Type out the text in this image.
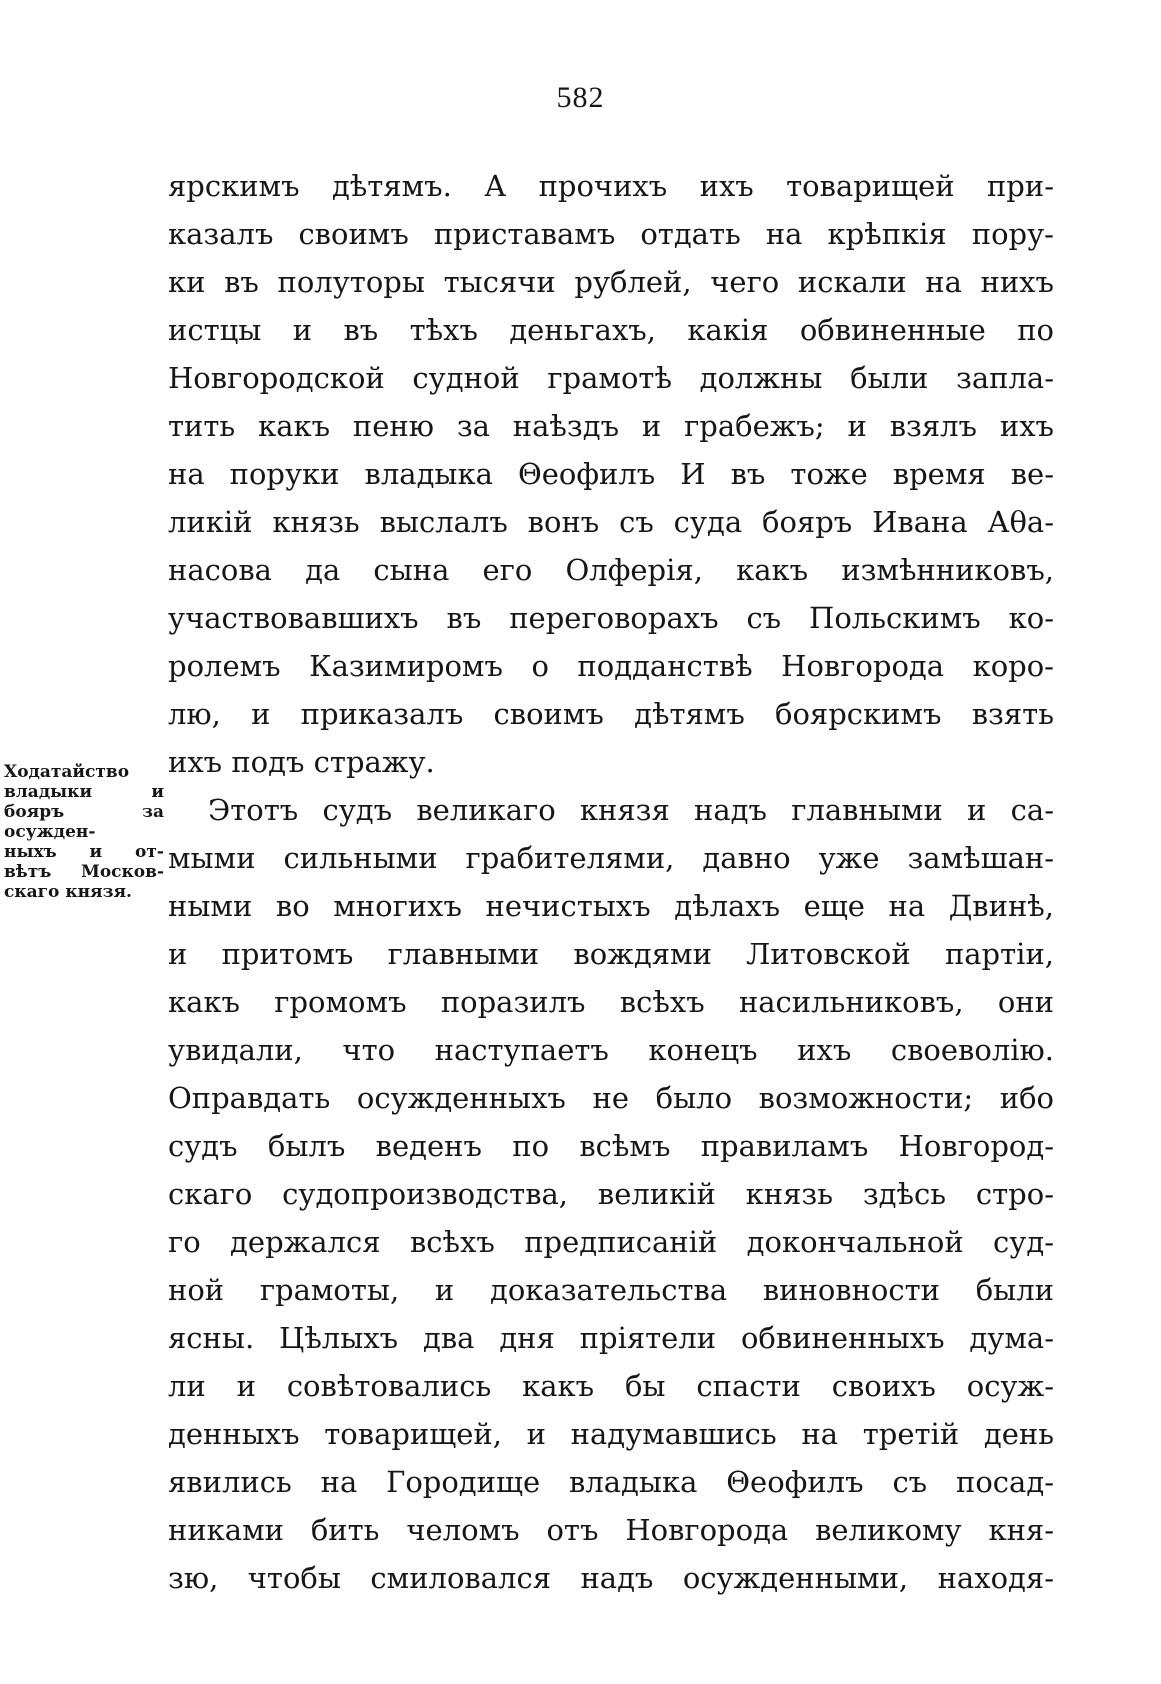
582
Ходатайство
владыки и
бояръ за
осужден-
ныхъ и от-
вѣтъ Москов-
скаго князя.
ярскимъ дѣтямъ. А прочихъ ихъ товарищей при-
казалъ своимъ приставамъ отдать на крѣпкія пору-
ки въ полуторы тысячи рублей, чего искали на нихъ
истцы и въ тѣхъ деньгахъ, какія обвиненные по
Новгородской судной грамотѣ должны были запла-
тить какъ пеню за наѣздъ и грабежъ; и взялъ ихъ
на поруки владыка Θеофилъ И въ тоже время ве-
ликій князь выслалъ вонъ съ суда бояръ Ивана Аθа-
насова да сына его Олферія, какъ измѣнниковъ,
участвовавшихъ въ переговорахъ съ Польскимъ ко-
ролемъ Казимиромъ о подданствѣ Новгорода коро-
лю, и приказалъ своимъ дѣтямъ боярскимъ взять
ихъ подъ стражу.
Этотъ судъ великаго князя надъ главными и са-
мыми сильными грабителями, давно уже замѣшан-
ными во многихъ нечистыхъ дѣлахъ еще на Двинѣ,
и притомъ главными вождями Литовской партіи,
какъ громомъ поразилъ всѣхъ насильниковъ, они
увидали, что наступаетъ конецъ ихъ своеволію.
Оправдать осужденныхъ не было возможности; ибо
судъ былъ веденъ по всѣмъ правиламъ Новгород-
скаго судопроизводства, великій князь здѣсь стро-
го держался всѣхъ предписаній докончальной суд-
ной грамоты, и доказательства виновности были
ясны. Цѣлыхъ два дня пріятели обвиненныхъ дума-
ли и совѣтовались какъ бы спасти своихъ осуж-
денныхъ товарищей, и надумавшись на третій день
явились на Городище владыка Θеофилъ съ посад-
никами бить челомъ отъ Новгорода великому кня-
зю, чтобы смиловался надъ осужденными, находя-
